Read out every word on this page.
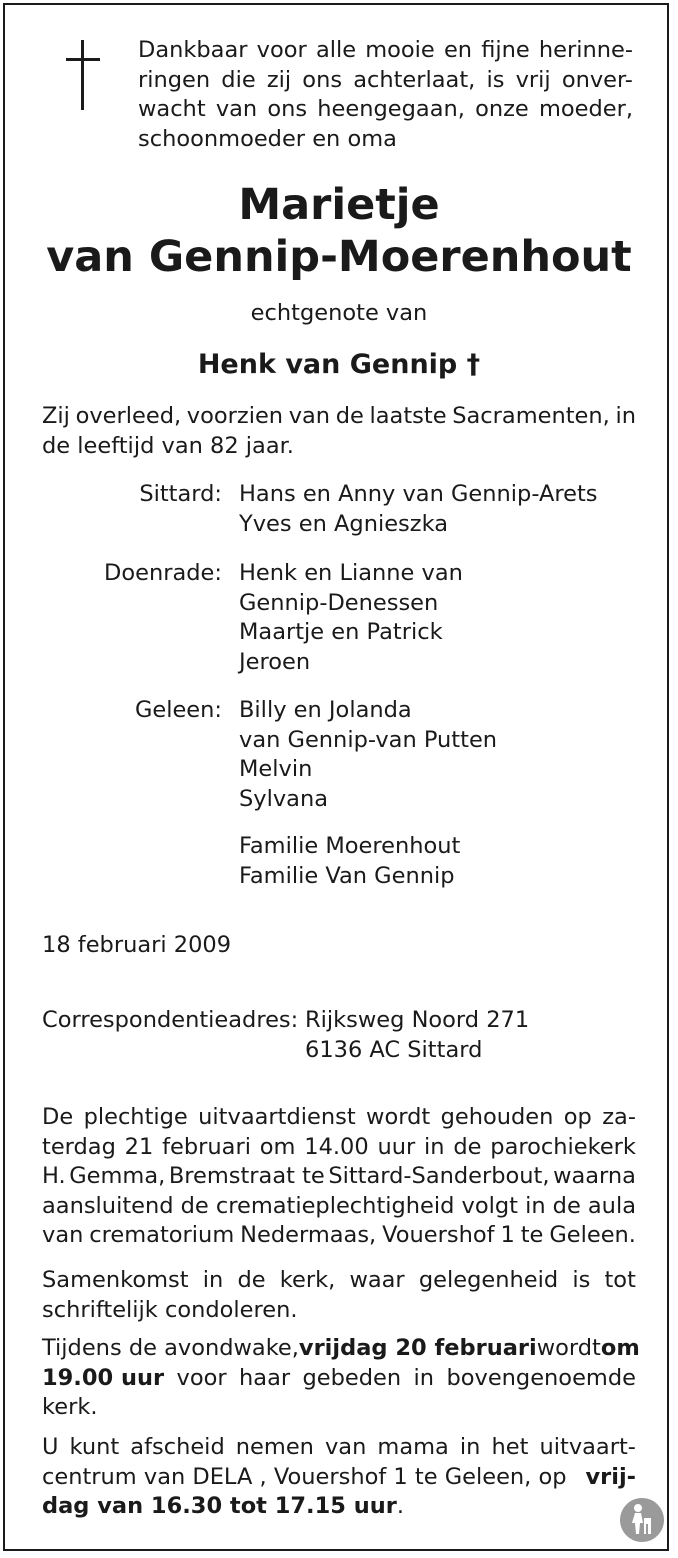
Dankbaar voor alle mooie en fijne herinne-
ringen die zij ons achterlaat, is vrij onver-
wacht van ons heengegaan, onze moeder,
schoonmoeder en oma

Marietje

van Gennip-Moerenhout

echtgenote van

Henk van Gennip †

Zij overleed, voorzien van de laatste Sacramenten, in
de leeftijd van 82 jaar.

Sittard: Hans en Anny van Gennip-Arets

Yves en Agnieszka

Doenrade: Henk en Lianne van

Gennip-Denessen

Maartje en Patrick

Jeroen

Geleen: Billy en Jolanda

van Gennip-van Putten

Melvin

Sylvana

Familie Moerenhout

Familie Van Gennip

18 februari 2009

Correspondentieadres: Rijksweg Noord 271

6136 AC Sittard

De plechtige uitvaartdienst wordt gehouden op za-
terdag 21 februari om 14.00 uur in de parochiekerk
H. Gemma, Bremstraat te Sittard-Sanderbout, waarna
aansluitend de crematieplechtigheid volgt in de aula
van crematorium Nedermaas, Vouershof 1 te Geleen.
Samenkomst in de kerk, waar gelegenheid is tot
schriftelijk condoleren.
Tijdens de avondwake, vrijdag 20 februari wordt om
19.00 uur voor haar gebeden in bovengenoemde
kerk.
U kunt afscheid nemen van mama in het uitvaart-
centrum van DELA , Vouershof 1 te Geleen, op vrij-
dag van 16.30 tot 17.15 uur .
